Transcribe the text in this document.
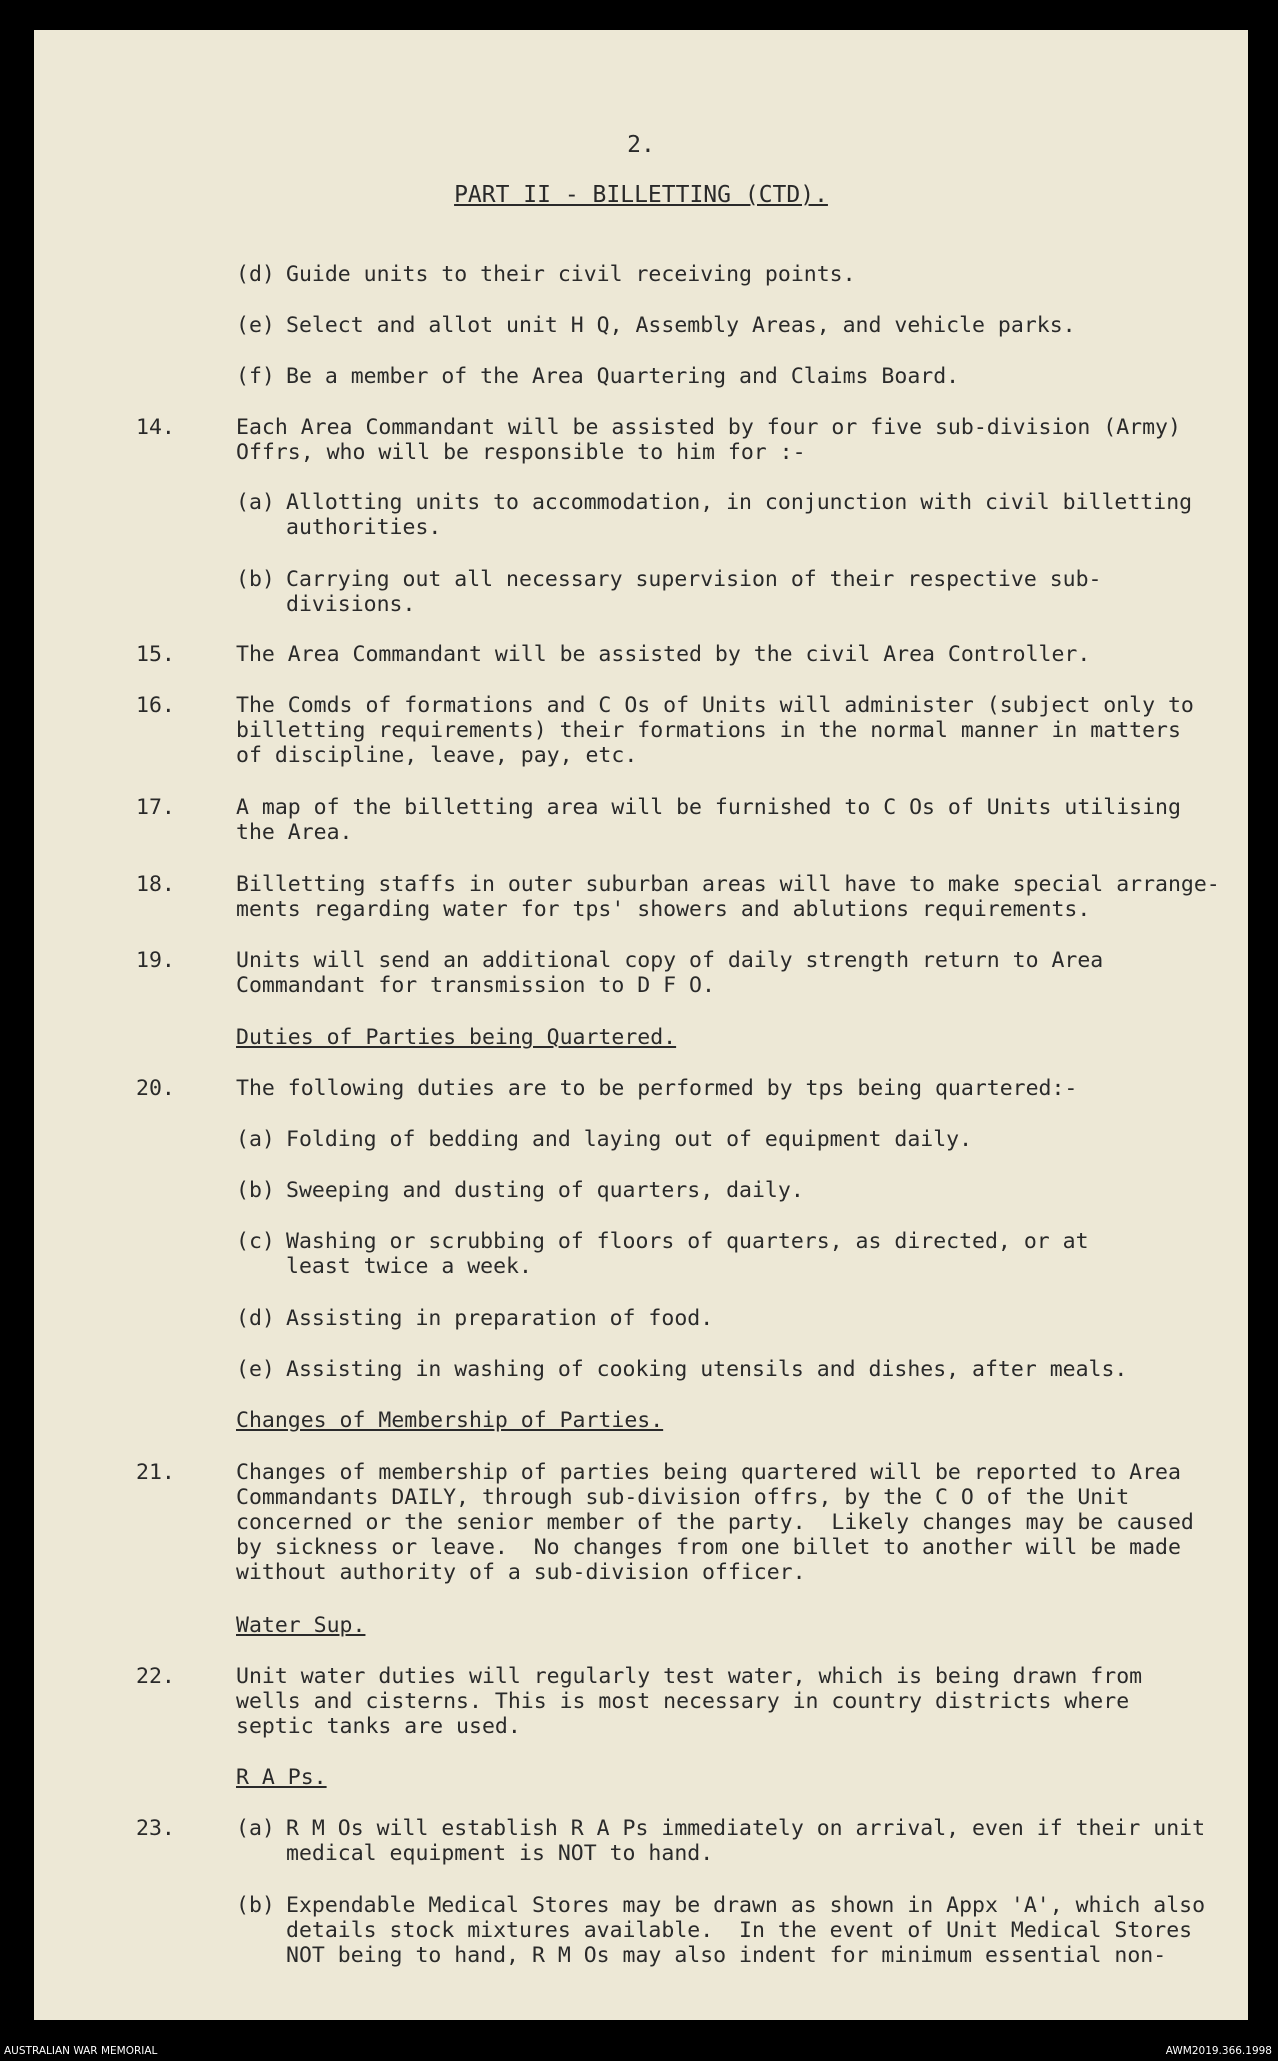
2.
PART II - BILLETTING (CTD).
(d) Guide units to their civil receiving points.
(e) Select and allot unit H Q, Assembly Areas, and vehicle parks.
(f) Be a member of the Area Quartering and Claims Board.
14.	Each Area Commandant will be assisted by four or five sub-division (Army)
Offrs, who will be responsible to him for :-
(a) Allotting units to accommodation, in conjunction with civil billetting
authorities.
(b) Carrying out all necessary supervision of their respective sub-
divisions.
15.	The Area Commandant will be assisted by the civil Area Controller.
16.	The Comds of formations and C Os of Units will administer (subject only to
billetting requirements) their formations in the normal manner in matters
of discipline, leave, pay, etc.
17.	A map of the billetting area will be furnished to C Os of Units utilising
the Area.
18.	Billetting staffs in outer suburban areas will have to make special arrange-
ments regarding water for tps' showers and ablutions requirements.
19.	Units will send an additional copy of daily strength return to Area
Commandant for transmission to D F O.
Duties of Parties being Quartered.
20.	The following duties are to be performed by tps being quartered:-
(a) Folding of bedding and laying out of equipment daily.
(b) Sweeping and dusting of quarters, daily.
(c) Washing or scrubbing of floors of quarters, as directed, or at
least twice a week.
(d) Assisting in preparation of food.
(e) Assisting in washing of cooking utensils and dishes, after meals.
Changes of Membership of Parties.
21.	Changes of membership of parties being quartered will be reported to Area
Commandants DAILY, through sub-division offrs, by the C O of the Unit
concerned or the senior member of the party.  Likely changes may be caused
by sickness or leave.  No changes from one billet to another will be made
without authority of a sub-division officer.
Water Sup.
22.	Unit water duties will regularly test water, which is being drawn from
wells and cisterns. This is most necessary in country districts where
septic tanks are used.
R A Ps.
23.	(a) R M Os will establish R A Ps immediately on arrival, even if their unit
medical equipment is NOT to hand.
(b) Expendable Medical Stores may be drawn as shown in Appx 'A', which also
details stock mixtures available.  In the event of Unit Medical Stores
NOT being to hand, R M Os may also indent for minimum essential non-
AUSTRALIAN WAR MEMORIAL	AWM2019.366.1998
